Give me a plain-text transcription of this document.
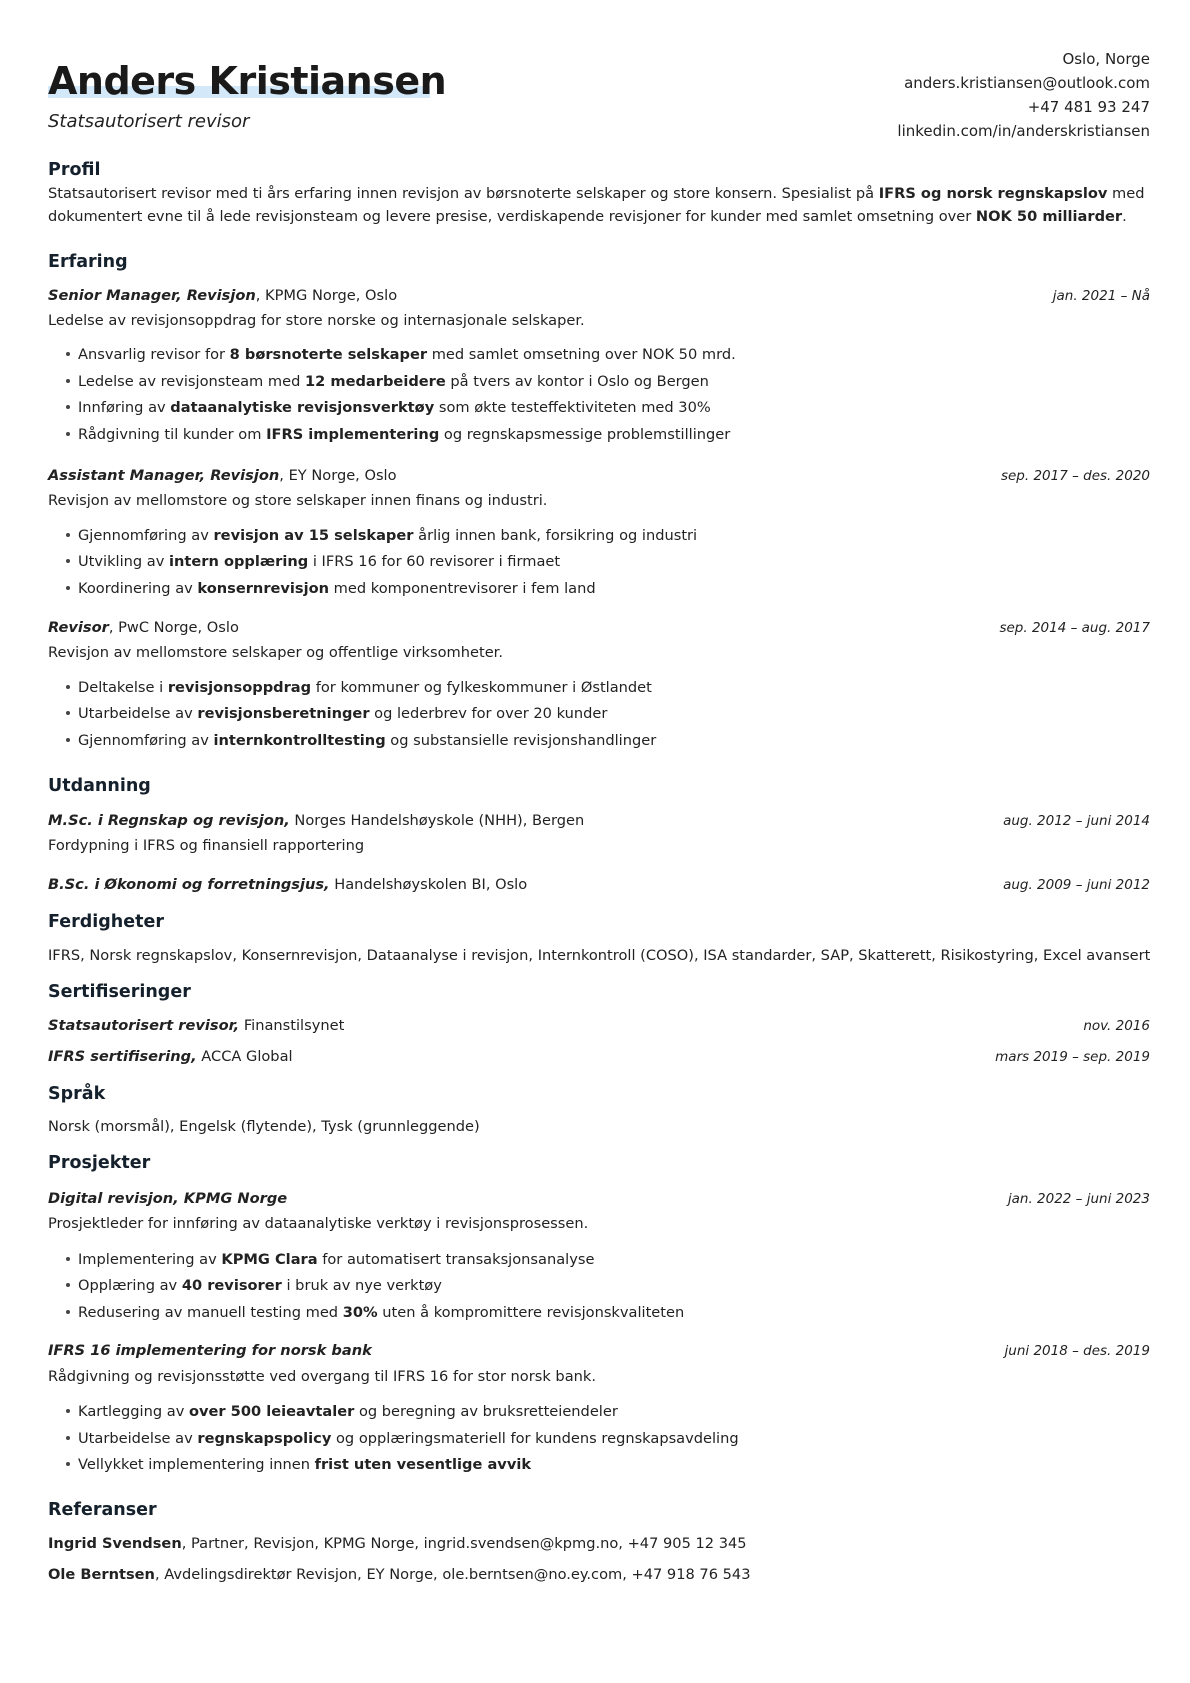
Anders Kristiansen
Statsautorisert revisor
Oslo, Norge
anders.kristiansen@outlook.com
+47 481 93 247
linkedin.com/in/anderskristiansen
Profil
Statsautorisert revisor med ti års erfaring innen revisjon av børsnoterte selskaper og store konsern. Spesialist på IFRS og norsk regnskapslov med
dokumentert evne til å lede revisjonsteam og levere presise, verdiskapende revisjoner for kunder med samlet omsetning over NOK 50 milliarder.
Erfaring
Senior Manager, Revisjon, KPMG Norge, Oslo	jan. 2021 – Nå
Ledelse av revisjonsoppdrag for store norske og internasjonale selskaper.
Ansvarlig revisor for 8 børsnoterte selskaper med samlet omsetning over NOK 50 mrd.
Ledelse av revisjonsteam med 12 medarbeidere på tvers av kontor i Oslo og Bergen
Innføring av dataanalytiske revisjonsverktøy som økte testeffektiviteten med 30%
Rådgivning til kunder om IFRS implementering og regnskapsmessige problemstillinger
Assistant Manager, Revisjon, EY Norge, Oslo	sep. 2017 – des. 2020
Revisjon av mellomstore og store selskaper innen finans og industri.
Gjennomføring av revisjon av 15 selskaper årlig innen bank, forsikring og industri
Utvikling av intern opplæring i IFRS 16 for 60 revisorer i firmaet
Koordinering av konsernrevisjon med komponentrevisorer i fem land
Revisor, PwC Norge, Oslo	sep. 2014 – aug. 2017
Revisjon av mellomstore selskaper og offentlige virksomheter.
Deltakelse i revisjonsoppdrag for kommuner og fylkeskommuner i Østlandet
Utarbeidelse av revisjonsberetninger og lederbrev for over 20 kunder
Gjennomføring av internkontrolltesting og substansielle revisjonshandlinger
Utdanning
M.Sc. i Regnskap og revisjon, Norges Handelshøyskole (NHH), Bergen	aug. 2012 – juni 2014
Fordypning i IFRS og finansiell rapportering
B.Sc. i Økonomi og forretningsjus, Handelshøyskolen BI, Oslo	aug. 2009 – juni 2012
Ferdigheter
IFRS, Norsk regnskapslov, Konsernrevisjon, Dataanalyse i revisjon, Internkontroll (COSO), ISA standarder, SAP, Skatterett, Risikostyring, Excel avansert
Sertifiseringer
Statsautorisert revisor, Finanstilsynet	nov. 2016
IFRS sertifisering, ACCA Global	mars 2019 – sep. 2019
Språk
Norsk (morsmål), Engelsk (flytende), Tysk (grunnleggende)
Prosjekter
Digital revisjon, KPMG Norge	jan. 2022 – juni 2023
Prosjektleder for innføring av dataanalytiske verktøy i revisjonsprosessen.
Implementering av KPMG Clara for automatisert transaksjonsanalyse
Opplæring av 40 revisorer i bruk av nye verktøy
Redusering av manuell testing med 30% uten å kompromittere revisjonskvaliteten
IFRS 16 implementering for norsk bank	juni 2018 – des. 2019
Rådgivning og revisjonsstøtte ved overgang til IFRS 16 for stor norsk bank.
Kartlegging av over 500 leieavtaler og beregning av bruksretteiendeler
Utarbeidelse av regnskapspolicy og opplæringsmateriell for kundens regnskapsavdeling
Vellykket implementering innen frist uten vesentlige avvik
Referanser
Ingrid Svendsen, Partner, Revisjon, KPMG Norge, ingrid.svendsen@kpmg.no, +47 905 12 345
Ole Berntsen, Avdelingsdirektør Revisjon, EY Norge, ole.berntsen@no.ey.com, +47 918 76 543
